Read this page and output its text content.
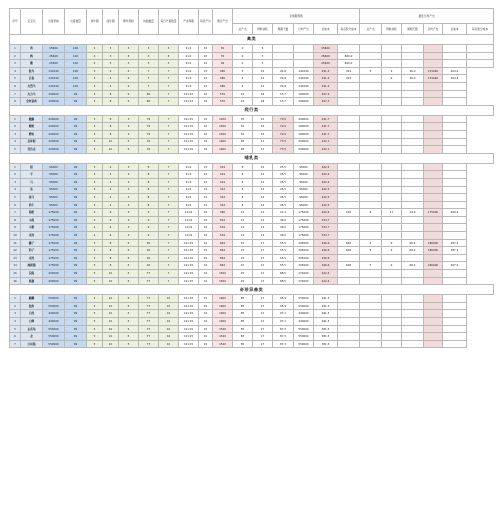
序号	宝宝名	出售价格	出售数量	初年期	成年期	繁年养龄	初始数量	每日产蛋数量	产出周期	每次产出	累计产出	全周期养殖						最佳日均产出					
												总产出	饲料消耗	周期天数	日均产出	总成本	每点积分成本	总产出	饲料消耗	周期天数	日均产出	总成本	每点积分成本
禽类																							
1	鸡	25600	100	2	3	3	3	3	9×2	15	30	0	6			25600							
2	鸭	25600	100	2	3	3	3	3	9×2	15	35	0	5			25600	800.0						
3	鹅	25600	100	2	3	3	3	3	9×2	15	36	0	5			25600	800.0						
4	鸵鸟	131040	100	3	4	4	7	7	9×4	15	486	5	12	24.8	141040	291.2	324	5	9	36.0	131040	404.4	
5	孔雀	131040	100	3	4	4	7	7	9×4	15	486	5	12	24.8	141040	291.2	324		9	36.0	131040	404.4	
6	火烈鸟	131040	100	3	4	4	7	7	9×4	15	486	5	12	24.8	141040	291.2							
7	火力鸟	190000	99	3	8	5	82	7	12×12	10	576	22	18	15.7	190000	297.3							
8	金丝雀鸡	190000	99	3	8	5	82	7	12×12	10	576	22	18	15.7	190000	297.3							
爬行类																							
1	蜥蜴	220000	99	3	8	3	79	7	12×15	10	1200	35	15	70.5	290000	241.7							
2	蟒蛇	220000	99	3	8	3	79	7	12×15	10	1200	35	15	70.5	290000	241.7							
3	鳄鱼	220000	99	3	8	3	79	7	12×15	10	1200	35	15	70.5	290000	241.7							
4	金环蛇	220000	99	3	10	5	76	7	12×15	10	1900	38	17	73.5	290000	242.1							
5	变色龙	220000	99	3	10	5	76	7	12×15	10	1900	38	17	73.5	290000	242.1							
哺乳类																							
1	猪	95000	99	3	4	3	8	7	9×4	15	324	8	12	25.5	95000	442.4							
2	羊	95000	99	3	4	3	8	7	9×4	15	324	8	12	25.5	95000	442.4							
3	马	95000	99	3	4	3	8	7	9×4	15	324	8	12	25.5	95000	442.4							
4	兔	95000	99	3	4	3	8	7	9×4	15	324	8	12	25.5	95000	442.4							
5	斑马	95000	99	3	4	3	8	7	9×4	15	324	8	12	25.5	95000	442.4							
6	奶牛	95000	99	3	4	3	8	7	9×4	15	324	8	12	25.5	95000	442.4							
7	骆驼	175000	99	4	6	3	9	7	12×6	10	360	12	14	21.4	175000	442.4	216	8	11	19.6	175000	400.4	
8	小熊	175000	99	4	6	3	9	7	12×6	10	504	12	14	36.0	175000	334.7							
9	小猴	175000	99	4	6	3	9	7	12×6	10	504	12	14	36.0	175000	334.7							
10	老虎	175000	99	4	6	3	9	7	12×6	10	504	12	14	36.0	175000	334.7							
11	狮子	175000	99	3	8	5	92	7	12×15	10	864	15	17	55.5	205000	246.6	648	5	9	66.4	186000	287.4	
12	豹子	175000	99	3	8	5	92	7	12×15	10	864	15	17	55.5	205000	246.6	648	5	9	66.4	186000	287.4	
13	老虎	175000	99	3	8	5	92	7	12×15	10	864	15	17	55.5	205000	246.6							
14	地狱猫	175000	99	3	8	5	92	7	12×15	10	864	15	17	55.5	205000	246.6	648	5	9	66.4	246000	297.4	
15	浣熊	200000	99	5	10	5	77	7	12×15	10	1500	25	17	88.5	274000	222.4							
16	熊猫	200000	99	5	10	5	77	7	12×15	10	1500	25	17	88.5	274000	222.4							
奇珍异兽类																							
1	麒麟	550000	99	5	10	5	77	10	12×15	10	1900	85	17	95.9	550000	291.3							
2	独角	550000	99	5	10	5	77	10	12×15	10	1900	85	17	95.9	550000	291.3							
3	白虎	440000	99	5	10	5	77	10	12×15	10	1900	85	17	97.1	440000	291.3							
4	白鹤	440000	99	5	10	5	77	10	12×15	10	1900	85	17	97.1	440000	291.3							
5	玄武龟	550000	99	5	10	5	77	10	12×15	10	1540	85	17	87.3	550000	381.5							
6	龙	550000	99	5	10	5	77	10	12×15	10	1540	85	17	87.3	550000	381.5							
7	白凤凰	550000	99	5	10	5	77	10	12×15	10	1540	85	17	87.3	550000	381.5							
